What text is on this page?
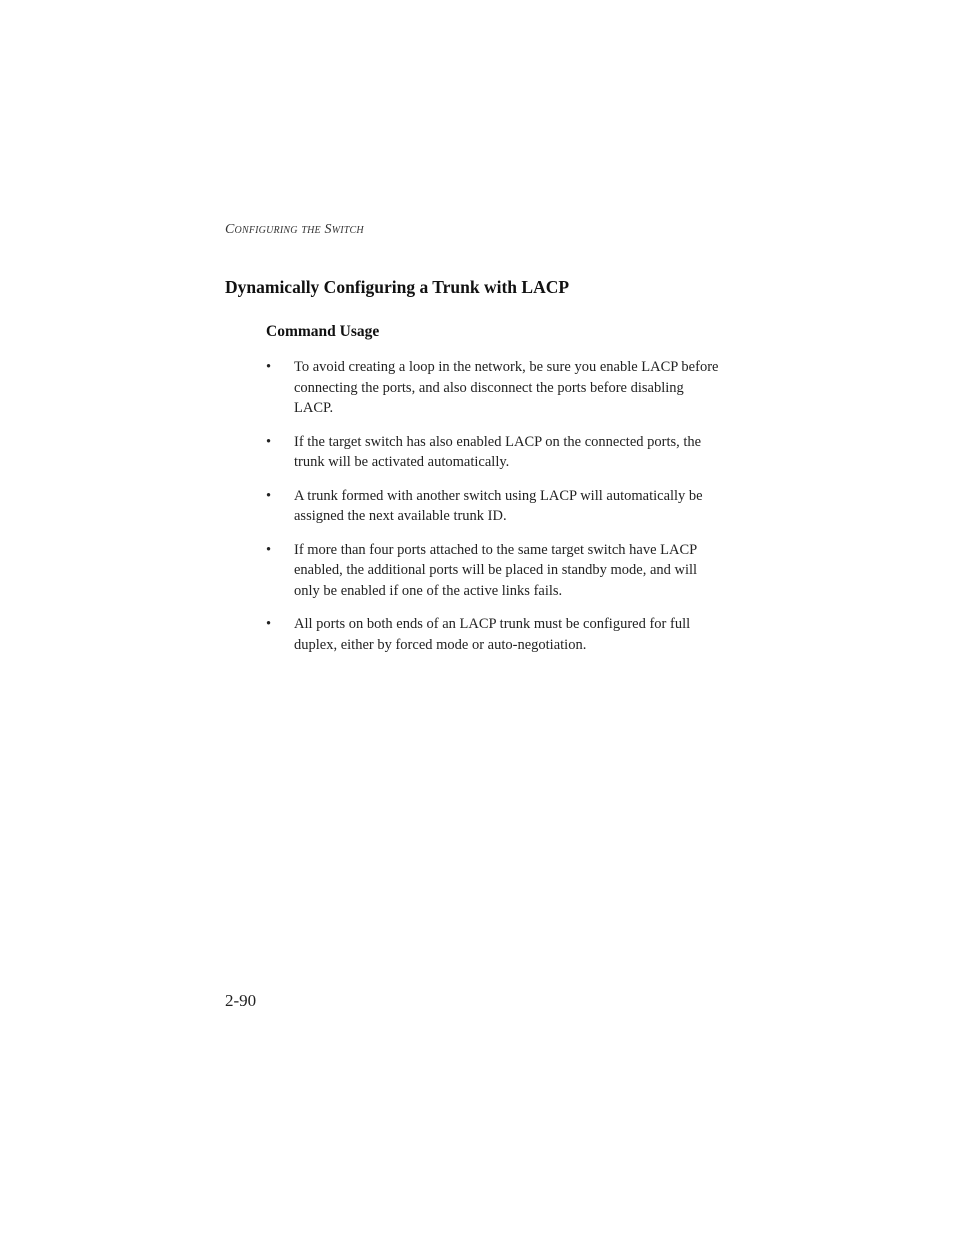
Configuring the Switch
Dynamically Configuring a Trunk with LACP
Command Usage
•	To avoid creating a loop in the network, be sure you enable LACP before connecting the ports, and also disconnect the ports before disabling LACP.
•	If the target switch has also enabled LACP on the connected ports, the trunk will be activated automatically.
•	A trunk formed with another switch using LACP will automatically be assigned the next available trunk ID.
•	If more than four ports attached to the same target switch have LACP enabled, the additional ports will be placed in standby mode, and will only be enabled if one of the active links fails.
•	All ports on both ends of an LACP trunk must be configured for full duplex, either by forced mode or auto-negotiation.
2-90
